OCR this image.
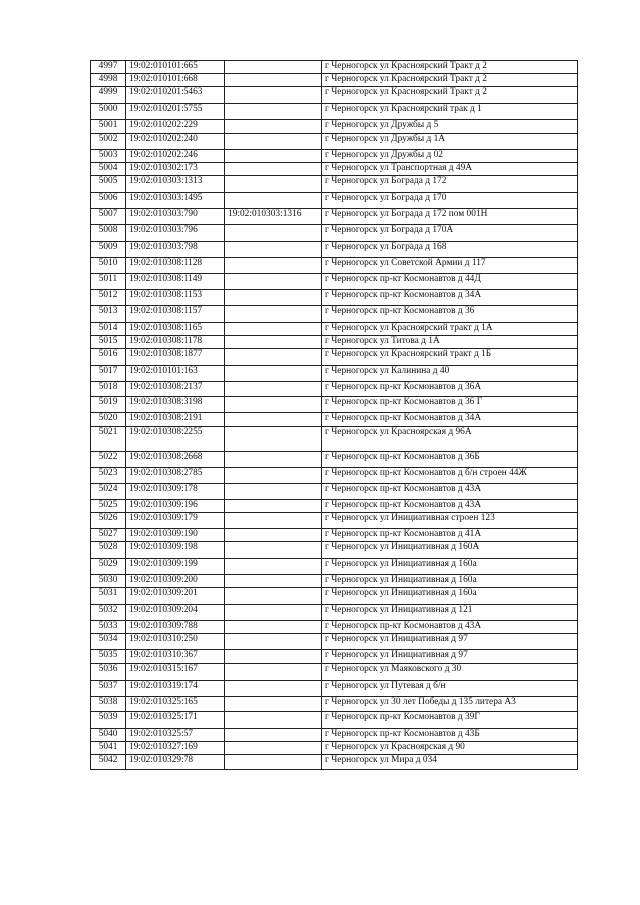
4997	19:02:010101:665		г Черногорск ул Красноярский Тракт д 2
4998	19:02:010101:668		г Черногорск ул Красноярский Тракт д 2
4999	19:02:010201:5463		г Черногорск ул Красноярский Тракт д 2
5000	19:02:010201:5755		г Черногорск ул Красноярский трак д 1
5001	19:02:010202:229		г Черногорск ул Дружбы д 5
5002	19:02:010202:240		г Черногорск ул Дружбы д 1А
5003	19:02:010202:246		г Черногорск ул Дружбы д 02
5004	19:02:010302:173		г Черногорск ул Транспортная д 49А
5005	19:02:010303:1313		г Черногорск ул Бограда д 172
5006	19:02:010303:1495		г Черногорск ул Бограда д 170
5007	19:02:010303:790	19:02:010303:1316	г Черногорск ул Бограда д 172 пом 001Н
5008	19:02:010303:796		г Черногорск ул Бограда д 170А
5009	19:02:010303:798		г Черногорск ул Бограда д 168
5010	19:02:010308:1128		г Черногорск ул Советской Армии д 117
5011	19:02:010308:1149		г Черногорск пр-кт Космонавтов д 44Д
5012	19:02:010308:1153		г Черногорск пр-кт Космонавтов д 34А
5013	19:02:010308:1157		г Черногорск пр-кт Космонавтов д 36
5014	19:02:010308:1165		г Черногорск ул Красноярский тракт д 1А
5015	19:02:010308:1178		г Черногорск ул Титова д 1А
5016	19:02:010308:1877		г Черногорск ул Красноярский тракт д 1Б
5017	19:02:010101:163		г Черногорск ул Калинина д 40
5018	19:02:010308:2137		г Черногорск пр-кт Космонавтов д 36А
5019	19:02:010308:3198		г Черногорск пр-кт Космонавтов д 36 Г
5020	19:02:010308:2191		г Черногорск пр-кт Космонавтов д 34А
5021	19:02:010308:2255		г Черногорск ул Красноярская д 96А
5022	19:02:010308:2668		г Черногорск пр-кт Космонавтов д 36Б
5023	19:02:010308:2785		г Черногорск пр-кт Космонавтов д б/н строен 44Ж
5024	19:02:010309:178		г Черногорск пр-кт Космонавтов д 43А
5025	19:02:010309:196		г Черногорск пр-кт Космонавтов д 43А
5026	19:02:010309:179		г Черногорск ул Инициативная строен 123
5027	19:02:010309:190		г Черногорск пр-кт Космонавтов д 41А
5028	19:02:010309:198		г Черногорск ул Инициативная д 160А
5029	19:02:010309:199		г Черногорск ул Инициативная д 160а
5030	19:02:010309:200		г Черногорск ул Инициативная д 160а
5031	19:02:010309:201		г Черногорск ул Инициативная д 160а
5032	19:02:010309:204		г Черногорск ул Инициативная д 121
5033	19:02:010309:788		г Черногорск пр-кт Космонавтов д 43А
5034	19:02:010310:250		г Черногорск ул Инициативная д 97
5035	19:02:010310:367		г Черногорск ул Инициативная д 97
5036	19:02:010315:167		г Черногорск ул Маяковского д 30
5037	19:02:010319:174		г Черногорск ул Путевая д б/н
5038	19:02:010325:165		г Черногорск ул 30 лет Победы д 135 литера А3
5039	19:02:010325:171		г Черногорск пр-кт Космонавтов д 39Г
5040	19:02:010325:57		г Черногорск пр-кт Космонавтов д 43Б
5041	19:02:010327:169		г Черногорск ул Красноярская д 90
5042	19:02:010329:78		г Черногорск ул Мира д 034
